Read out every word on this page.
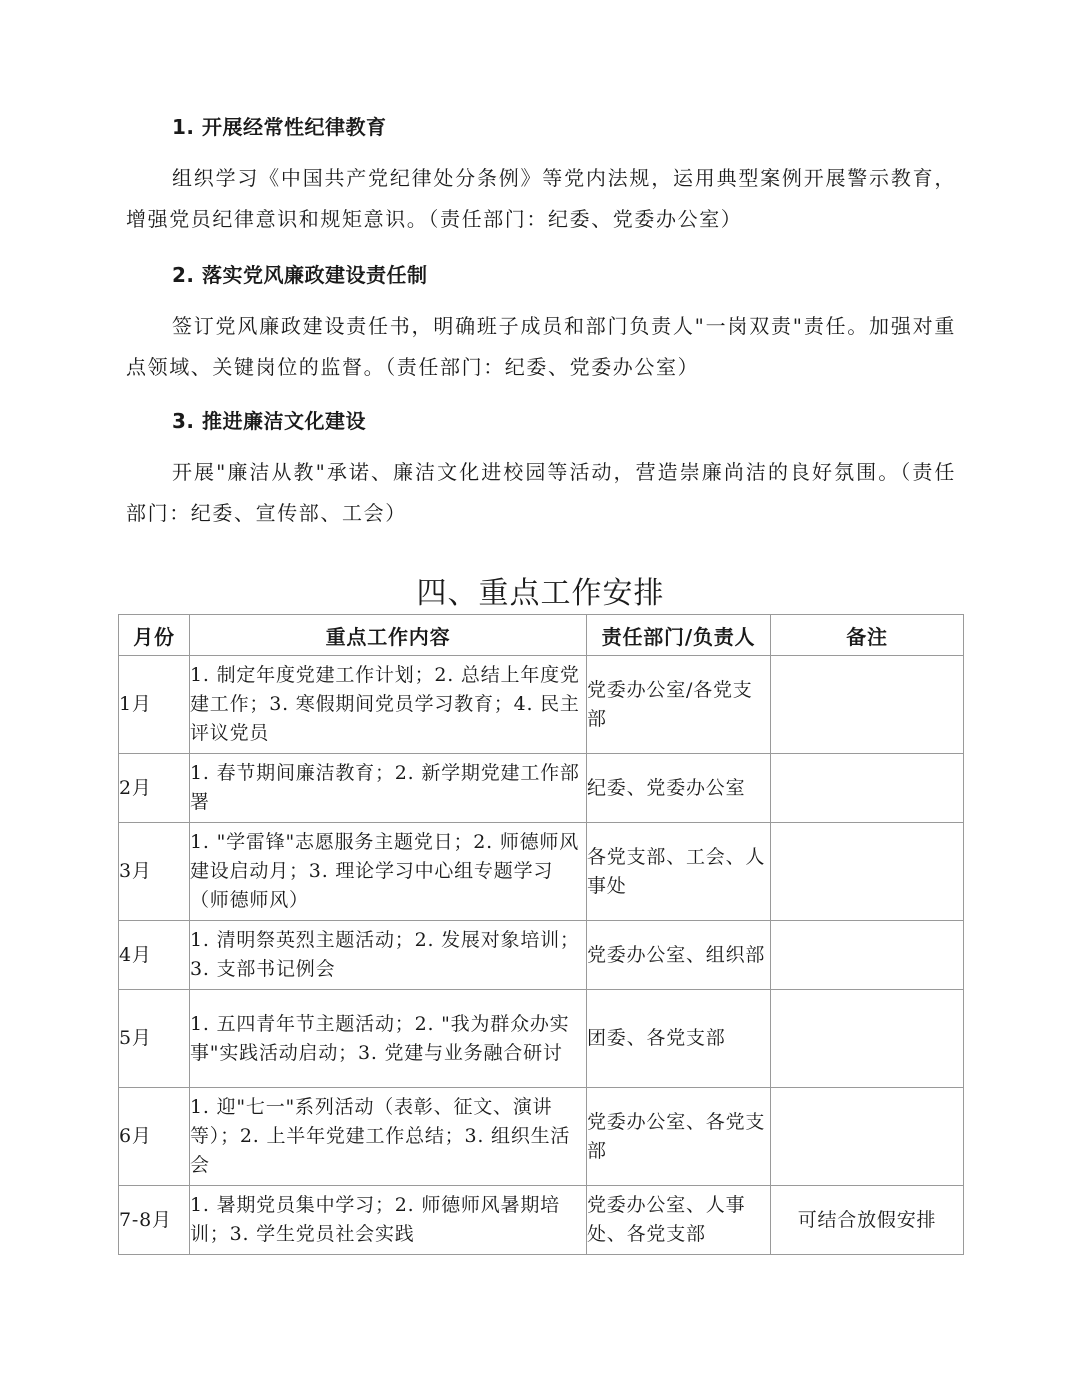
1. 开展经常性纪律教育
组织学习《中国共产党纪律处分条例》等党内法规，运用典型案例开展警示教育，增强党员纪律意识和规矩意识。（责任部门：纪委、党委办公室）
2. 落实党风廉政建设责任制
签订党风廉政建设责任书，明确班子成员和部门负责人"一岗双责"责任。加强对重点领域、关键岗位的监督。（责任部门：纪委、党委办公室）
3. 推进廉洁文化建设
开展"廉洁从教"承诺、廉洁文化进校园等活动，营造崇廉尚洁的良好氛围。（责任部门：纪委、宣传部、工会）
四、重点工作安排
月份	重点工作内容	责任部门/负责人	备注
1月	1. 制定年度党建工作计划；2. 总结上年度党建工作；3. 寒假期间党员学习教育；4. 民主评议党员	党委办公室/各党支部	
2月	1. 春节期间廉洁教育；2. 新学期党建工作部署	纪委、党委办公室	
3月	1. "学雷锋"志愿服务主题党日；2. 师德师风建设启动月；3. 理论学习中心组专题学习（师德师风）	各党支部、工会、人事处	
4月	1. 清明祭英烈主题活动；2. 发展对象培训；3. 支部书记例会	党委办公室、组织部	
5月	1. 五四青年节主题活动；2. "我为群众办实事"实践活动启动；3. 党建与业务融合研讨	团委、各党支部	
6月	1. 迎"七一"系列活动（表彰、征文、演讲等）；2. 上半年党建工作总结；3. 组织生活会	党委办公室、各党支部	
7-8月	1. 暑期党员集中学习；2. 师德师风暑期培训；3. 学生党员社会实践	党委办公室、人事处、各党支部	可结合放假安排
